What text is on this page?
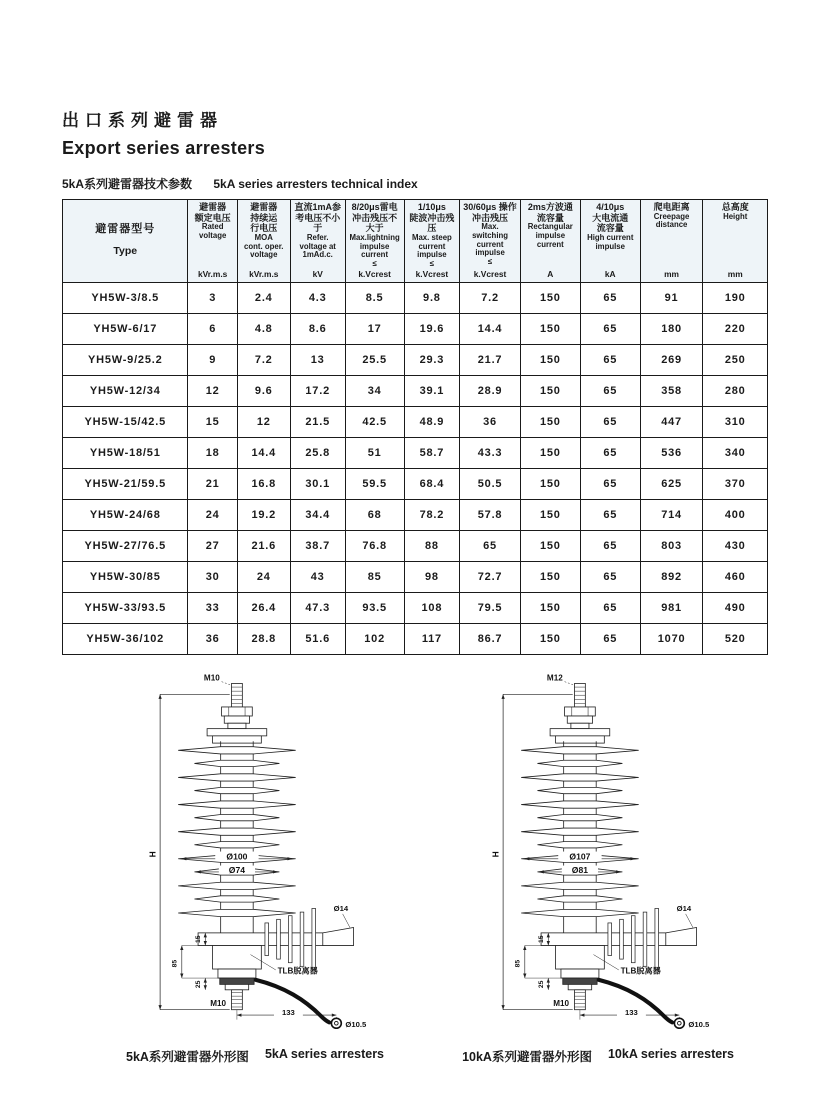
出口系列避雷器
Export series arresters
5kA系列避雷器技术参数 5kA series arresters technical index
避雷器型号
Type

避雷器
额定电压
Rated
voltage
kVr.m.s

避雷器
持续运
行电压
MOA
cont. oper.
voltage
kVr.m.s

直流1mA参
考电压不小
于
Refer.
voltage at
1mAd.c.
kV

8/20μs雷电
冲击残压不
大于
Max.lightning
impulse
current
≤
k.Vcrest

1/10μs
陡波冲击残
压
Max. steep
current
impulse
≤
k.Vcrest

30/60μs 操作
冲击残压
Max.
switching
current
impulse
≤
k.Vcrest

2ms方波通
流容量
Rectangular
impulse
current
A

4/10μs
大电流通
流容量
High current
impulse
kA

爬电距离
Creepage
distance
mm

总高度
Height
mm

YH5W-3/8.5	3	2.4	4.3	8.5	9.8	7.2	150	65	91	190
YH5W-6/17	6	4.8	8.6	17	19.6	14.4	150	65	180	220
YH5W-9/25.2	9	7.2	13	25.5	29.3	21.7	150	65	269	250
YH5W-12/34	12	9.6	17.2	34	39.1	28.9	150	65	358	280
YH5W-15/42.5	15	12	21.5	42.5	48.9	36	150	65	447	310
YH5W-18/51	18	14.4	25.8	51	58.7	43.3	150	65	536	340
YH5W-21/59.5	21	16.8	30.1	59.5	68.4	50.5	150	65	625	370
YH5W-24/68	24	19.2	34.4	68	78.2	57.8	150	65	714	400
YH5W-27/76.5	27	21.6	38.7	76.8	88	65	150	65	803	430
YH5W-30/85	30	24	43	85	98	72.7	150	65	892	460
YH5W-33/93.5	33	26.4	47.3	93.5	108	79.5	150	65	981	490
YH5W-36/102	36	28.8	51.6	102	117	86.7	150	65	1070	520
H
M10
Ø100
Ø74
Ø14
15
TLB脱离器
85
25
M10
133
Ø10.5
5kA系列避雷器外形图 5kA series arresters
H
M12
Ø107
Ø81
Ø14
15
TLB脱离器
85
25
M10
133
Ø10.5
10kA系列避雷器外形图 10kA series arresters
